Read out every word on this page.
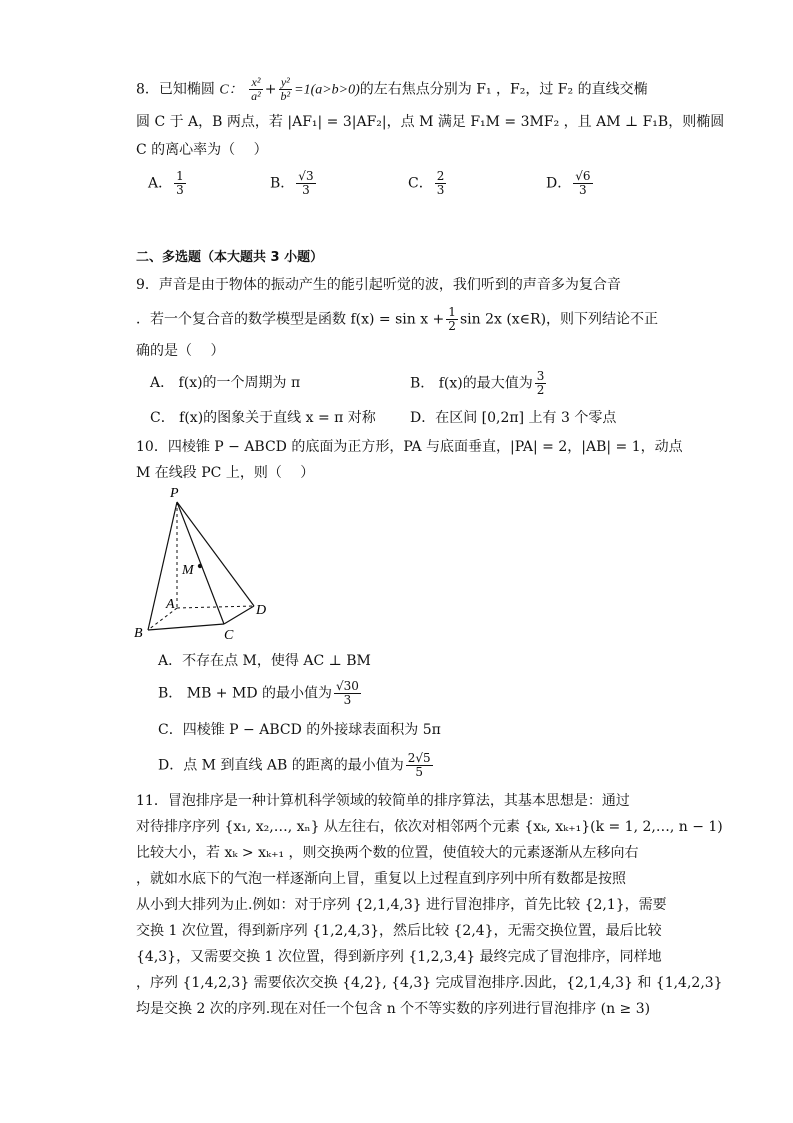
8．已知椭圆 C： $\frac{\text{x²}}{\text{a²}} + \frac{\text{y²}}{\text{b²}} =1(a>b>0)$的左右焦点分别为 F₁ ，F₂，过 F₂ 的直线交椭
圆 C 于 A，B 两点，若 |AF₁| = 3|AF₂|，点 M 满足 F₁M = 3MF₂ ，且 AM ⊥ F₁B，则椭圆
C 的离心率为（　 ）
A． $\frac{1}{3}$	B． $\frac{√3}{3}$	C． $\frac{2}{3}$	D． $\frac{√6}{3}$
二、多选题（本大题共 3 小题）
9．声音是由于物体的振动产生的能引起听觉的波，我们听到的声音多为复合音
．若一个复合音的数学模型是函数 $f(x) = \sin x + \frac{1}{2}$ sin 2x (x∈R)，则下列结论不正
确的是（　 ）
A． f(x)的一个周期为 π	B． f(x)的最大值为 $\frac{3}{2}$
C． f(x)的图象关于直线 x = π 对称 D．在区间 [0,2π] 上有 3 个零点
10．四棱锥 P − ABCD 的底面为正方形，PA 与底面垂直，|PA| = 2，|AB| = 1，动点
M 在线段 PC 上，则（　 ）
P
M
A
B	C
D
A．不存在点 M，使得 AC ⊥ BM
B． MB + MD 的最小值为 $\frac{√30}{3}$
C．四棱锥 P − ABCD 的外接球表面积为 5π
D．点 M 到直线 AB 的距离的最小值为 $\frac{2√5}{5}$
11．冒泡排序是一种计算机科学领域的较简单的排序算法，其基本思想是：通过
对待排序序列 {x₁, x₂,…, xₙ} 从左往右，依次对相邻两个元素 {xₖ, xₖ₊₁}(k = 1, 2,…, n − 1)
比较大小，若 xₖ > xₖ₊₁ ，则交换两个数的位置，使值较大的元素逐渐从左移向右
，就如水底下的气泡一样逐渐向上冒，重复以上过程直到序列中所有数都是按照
从小到大排列为止.例如：对于序列 {2,1,4,3} 进行冒泡排序，首先比较 {2,1}，需要
交换 1 次位置，得到新序列 {1,2,4,3}，然后比较 {2,4}，无需交换位置，最后比较
{4,3}，又需要交换 1 次位置，得到新序列 {1,2,3,4} 最终完成了冒泡排序，同样地
，序列 {1,4,2,3} 需要依次交换 {4,2}, {4,3} 完成冒泡排序.因此，{2,1,4,3} 和 {1,4,2,3}
均是交换 2 次的序列.现在对任一个包含 n 个不等实数的序列进行冒泡排序 (n ≥ 3)
